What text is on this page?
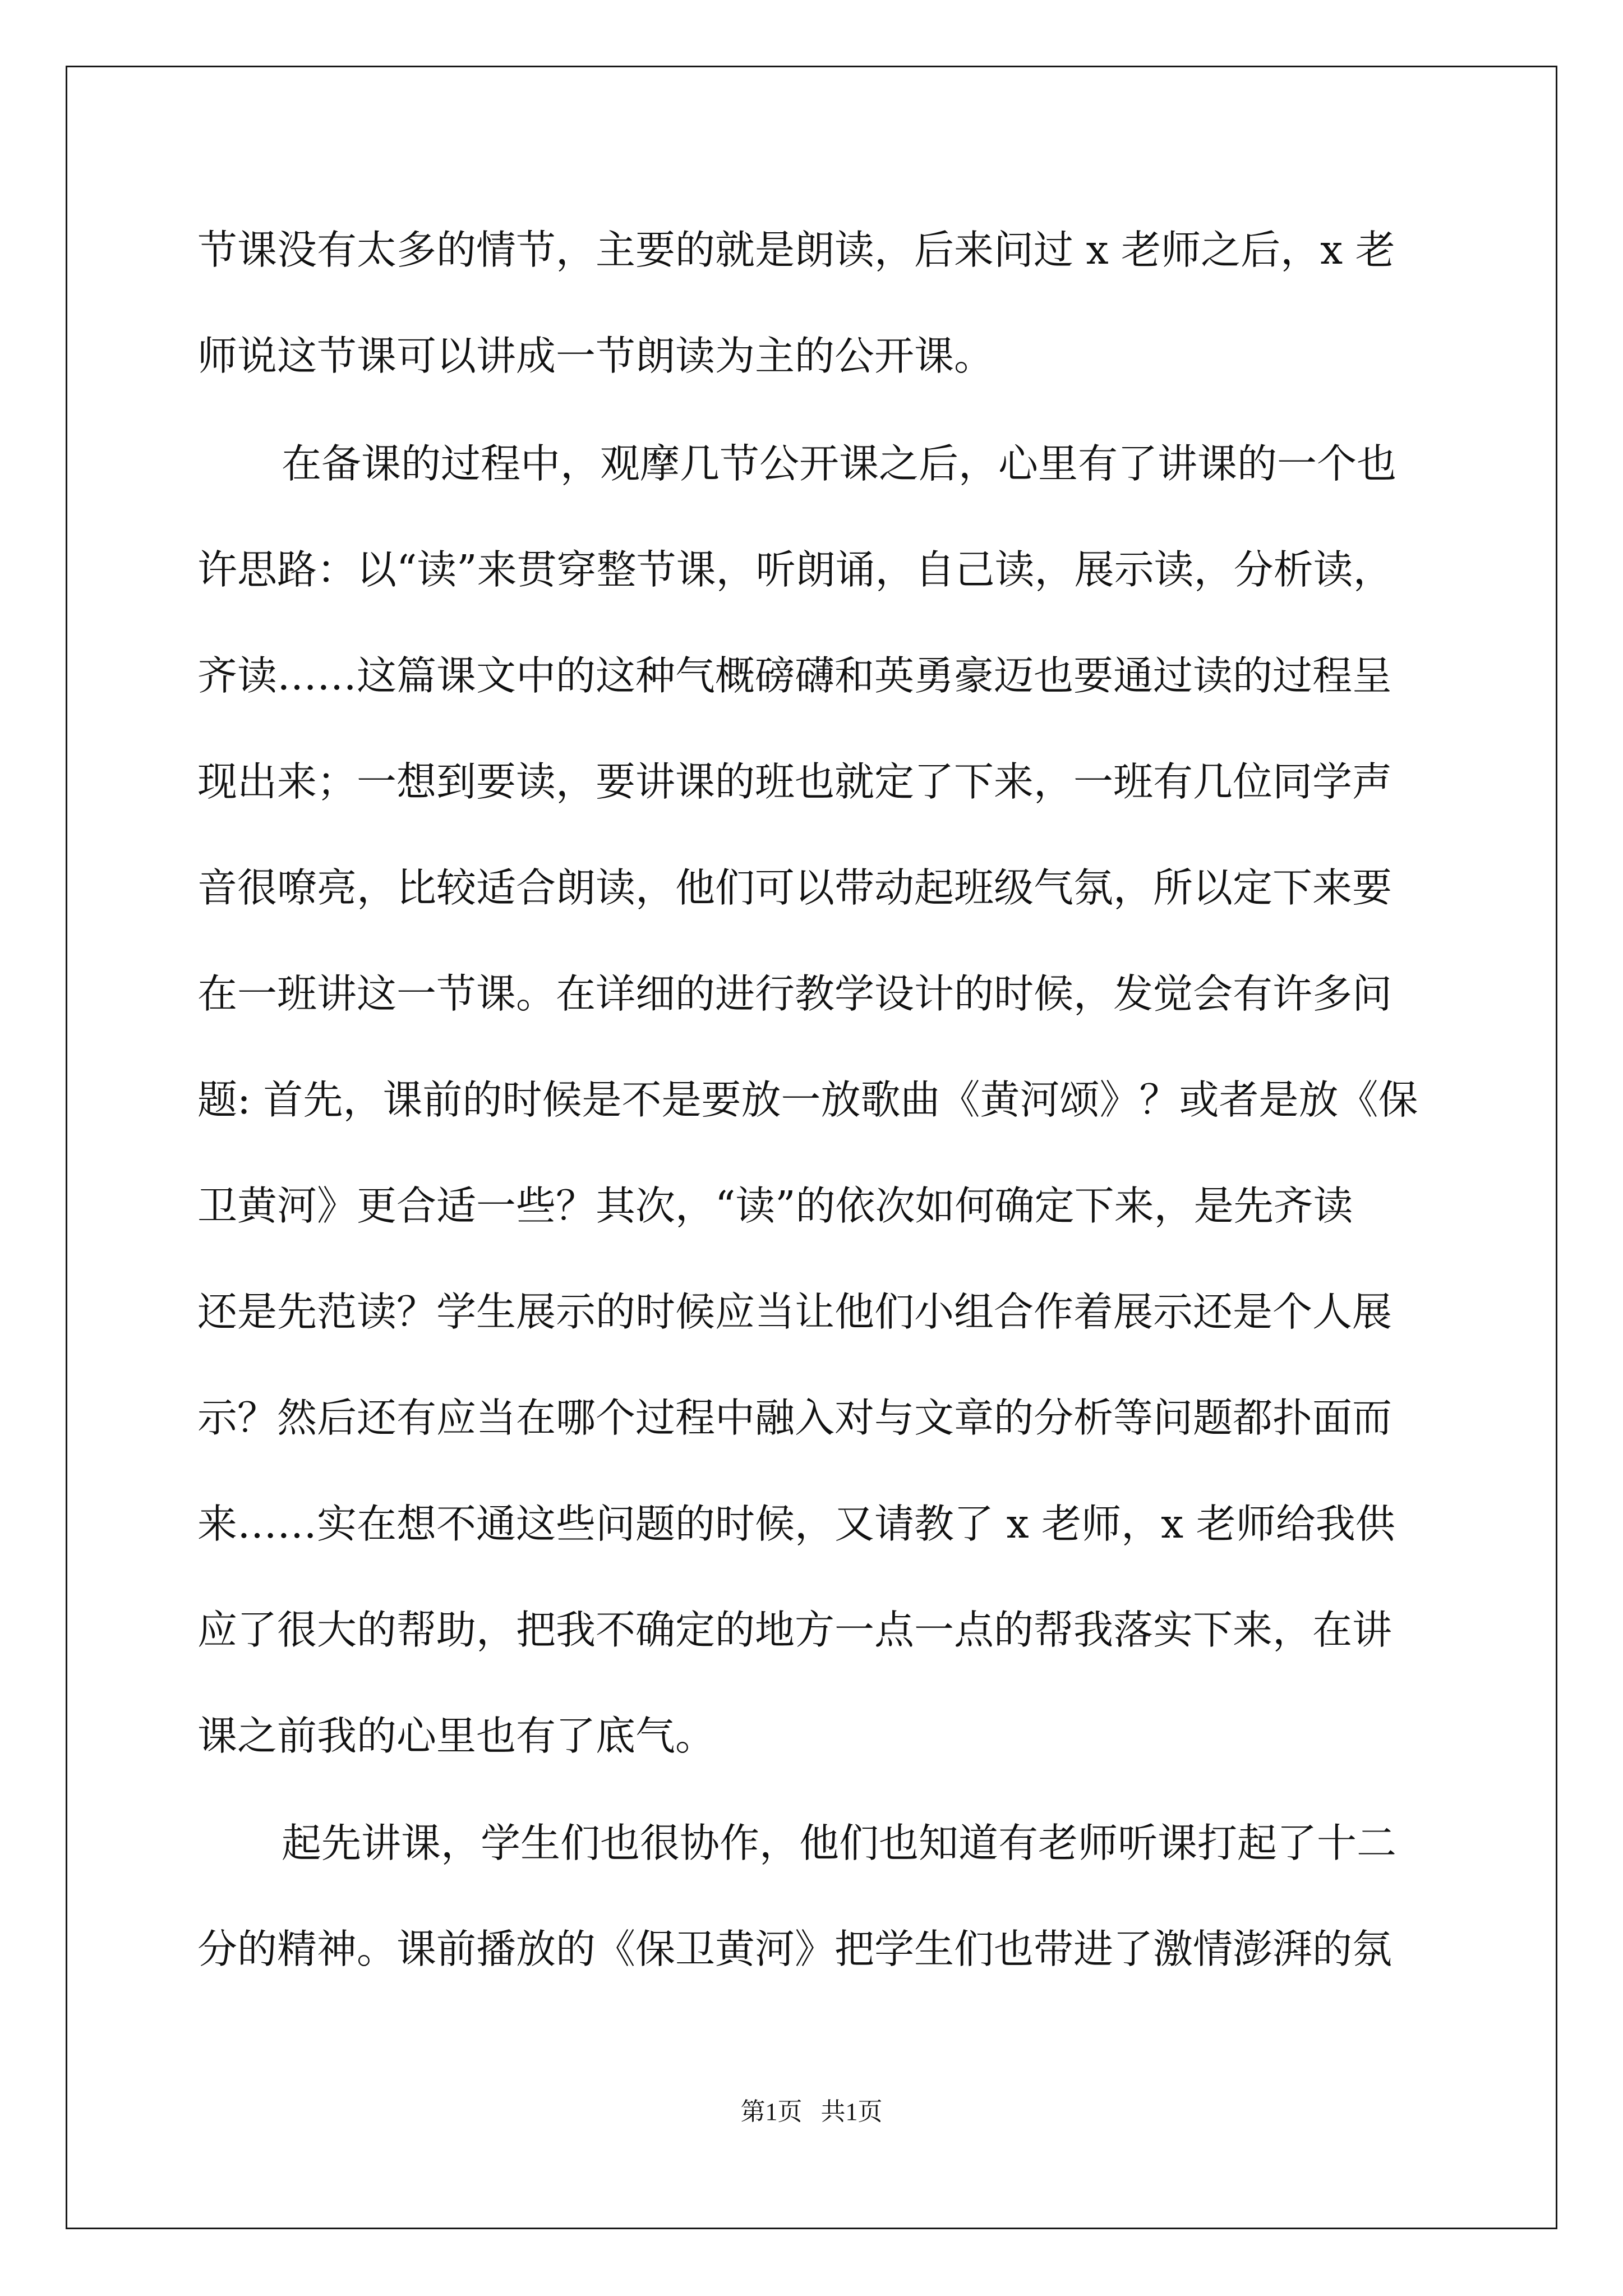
节课没有太多的情节，主要的就是朗读，后来问过 x 老师之后，x 老

师说这节课可以讲成一节朗读为主的公开课。

在备课的过程中，观摩几节公开课之后，心里有了讲课的一个也

许思路：以“读”来贯穿整节课，听朗诵，自己读，展示读，分析读，

齐读……这篇课文中的这种气概磅礴和英勇豪迈也要通过读的过程呈

现出来；一想到要读，要讲课的班也就定了下来，一班有几位同学声

音很嘹亮，比较适合朗读，他们可以带动起班级气氛，所以定下来要

在一班讲这一节课。在详细的进行教学设计的时候，发觉会有许多问

题: 首先，课前的时候是不是要放一放歌曲《黄河颂》？或者是放《保

卫黄河》更合适一些？其次，“读”的依次如何确定下来，是先齐读

还是先范读？学生展示的时候应当让他们小组合作着展示还是个人展

示？然后还有应当在哪个过程中融入对与文章的分析等问题都扑面而

来……实在想不通这些问题的时候，又请教了 x 老师，x 老师给我供

应了很大的帮助，把我不确定的地方一点一点的帮我落实下来，在讲

课之前我的心里也有了底气。

起先讲课，学生们也很协作，他们也知道有老师听课打起了十二

分的精神。课前播放的《保卫黄河》把学生们也带进了激情澎湃的氛

第1页   共1页
